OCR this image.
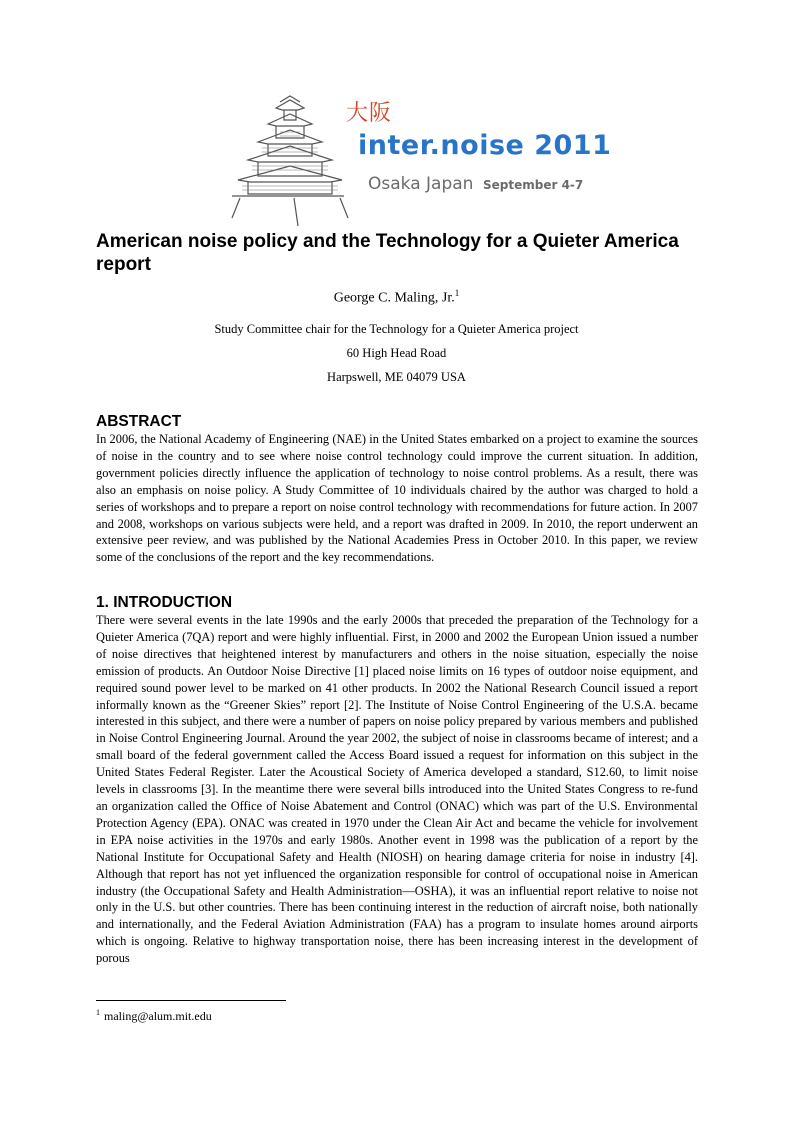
大阪
inter.noise 2011
Osaka Japan September 4-7
American noise policy and the Technology for a Quieter America report
George C. Maling, Jr.$^1$
Study Committee chair for the Technology for a Quieter America project
60 High Head Road
Harpswell, ME 04079 USA
ABSTRACT
In 2006, the National Academy of Engineering (NAE) in the United States embarked on a project to examine the sources of noise in the country and to see where noise control technology could improve the current situation. In addition, government policies directly influence the application of technology to noise control problems. As a result, there was also an emphasis on noise policy. A Study Committee of 10 individuals chaired by the author was charged to hold a series of workshops and to prepare a report on noise control technology with recommendations for future action. In 2007 and 2008, workshops on various subjects were held, and a report was drafted in 2009. In 2010, the report underwent an extensive peer review, and was published by the National Academies Press in October 2010. In this paper, we review some of the conclusions of the report and the key recommendations.
1. INTRODUCTION
There were several events in the late 1990s and the early 2000s that preceded the preparation of the Technology for a Quieter America (7QA) report and were highly influential. First, in 2000 and 2002 the European Union issued a number of noise directives that heightened interest by manufacturers and others in the noise situation, especially the noise emission of products. An Outdoor Noise Directive [1] placed noise limits on 16 types of outdoor noise equipment, and required sound power level to be marked on 41 other products. In 2002 the National Research Council issued a report informally known as the “Greener Skies” report [2]. The Institute of Noise Control Engineering of the U.S.A. became interested in this subject, and there were a number of papers on noise policy prepared by various members and published in Noise Control Engineering Journal. Around the year 2002, the subject of noise in classrooms became of interest; and a small board of the federal government called the Access Board issued a request for information on this subject in the United States Federal Register. Later the Acoustical Society of America developed a standard, S12.60, to limit noise levels in classrooms [3]. In the meantime there were several bills introduced into the United States Congress to re-fund an organization called the Office of Noise Abatement and Control (ONAC) which was part of the U.S. Environmental Protection Agency (EPA). ONAC was created in 1970 under the Clean Air Act and became the vehicle for involvement in EPA noise activities in the 1970s and early 1980s. Another event in 1998 was the publication of a report by the National Institute for Occupational Safety and Health (NIOSH) on hearing damage criteria for noise in industry [4]. Although that report has not yet influenced the organization responsible for control of occupational noise in American industry (the Occupational Safety and Health Administration—OSHA), it was an influential report relative to noise not only in the U.S. but other countries. There has been continuing interest in the reduction of aircraft noise, both nationally and internationally, and the Federal Aviation Administration (FAA) has a program to insulate homes around airports which is ongoing. Relative to highway transportation noise, there has been increasing interest in the development of porous
$^1$ maling@alum.mit.edu
